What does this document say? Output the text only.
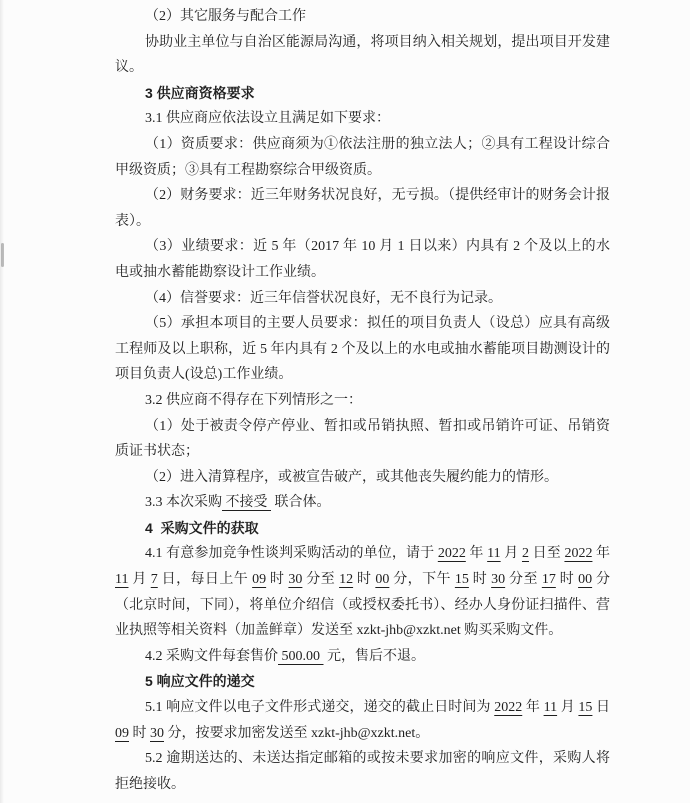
（2）其它服务与配合工作

协助业主单位与自治区能源局沟通，将项目纳入相关规划，提出项目开发建议。

3 供应商资格要求

3.1 供应商应依法设立且满足如下要求：

（1）资质要求：供应商须为①依法注册的独立法人；②具有工程设计综合甲级资质；③具有工程勘察综合甲级资质。

（2）财务要求：近三年财务状况良好，无亏损。（提供经审计的财务会计报表）。

（3）业绩要求：近 5 年（2017 年 10 月 1 日以来）内具有 2 个及以上的水电或抽水蓄能勘察设计工作业绩。

（4）信誉要求：近三年信誉状况良好，无不良行为记录。

（5）承担本项目的主要人员要求：拟任的项目负责人（设总）应具有高级工程师及以上职称，近 5 年内具有 2 个及以上的水电或抽水蓄能项目勘测设计的项目负责人(设总)工作业绩。

3.2 供应商不得存在下列情形之一：

（1）处于被责令停产停业、暂扣或吊销执照、暂扣或吊销许可证、吊销资质证书状态；

（2）进入清算程序，或被宣告破产，或其他丧失履约能力的情形。

3.3 本次采购 不接受  联合体。

4  采购文件的获取

4.1 有意参加竞争性谈判采购活动的单位，请于 2022 年 11 月 2 日至 2022 年 11 月 7 日，每日上午 09 时 30 分至 12 时 00 分，下午 15 时 30 分至 17 时 00 分（北京时间，下同），将单位介绍信（或授权委托书）、经办人身份证扫描件、营业执照等相关资料（加盖鲜章）发送至 xzkt-jhb@xzkt.net 购买采购文件。

4.2 采购文件每套售价 500.00  元，售后不退。

5 响应文件的递交

5.1 响应文件以电子文件形式递交，递交的截止日时间为 2022 年 11 月 15 日 09 时 30 分，按要求加密发送至 xzkt-jhb@xzkt.net。

5.2 逾期送达的、未送达指定邮箱的或按未要求加密的响应文件，采购人将拒绝接收。
